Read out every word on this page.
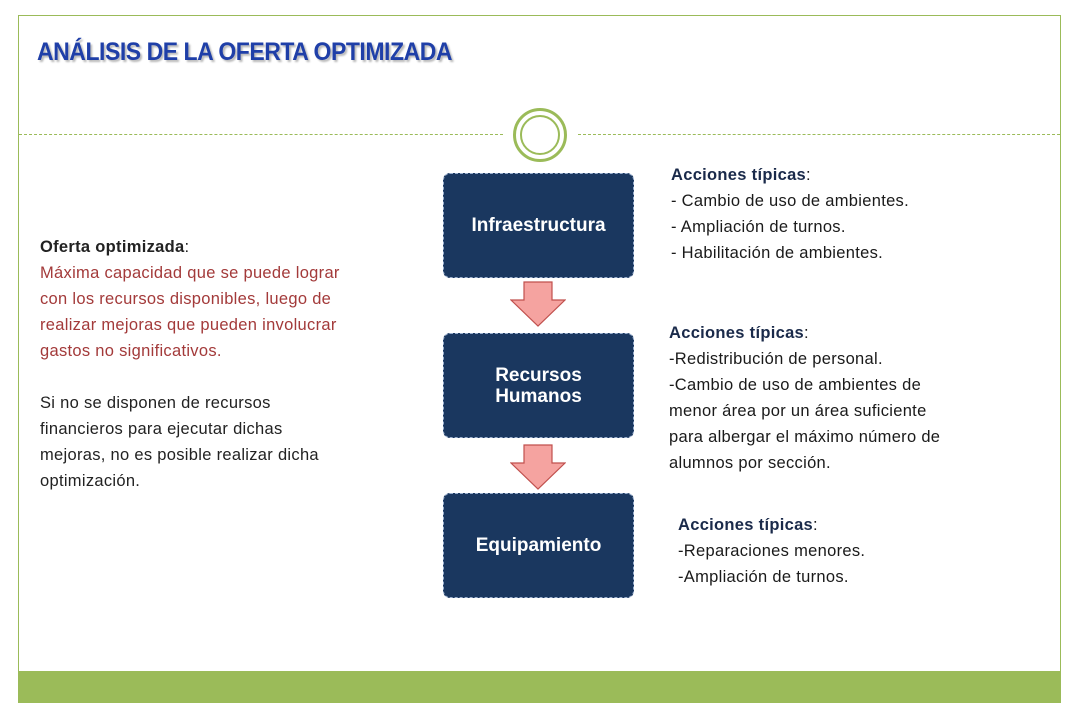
ANÁLISIS DE LA OFERTA OPTIMIZADA
Oferta optimizada:
Máxima capacidad que se puede lograr
con los recursos disponibles, luego de
realizar mejoras que pueden involucrar
gastos no significativos.
Si no se disponen de recursos
financieros para ejecutar dichas
mejoras, no es posible realizar dicha
optimización.
Infraestructura
Recursos
Humanos
Equipamiento
Acciones típicas:
- Cambio de uso de ambientes.
- Ampliación de turnos.
- Habilitación de ambientes.
Acciones típicas:
-Redistribución de personal.
-Cambio de uso de ambientes de
menor área por un área suficiente
para albergar el máximo número de
alumnos por sección.
Acciones típicas:
-Reparaciones menores.
-Ampliación de turnos.
